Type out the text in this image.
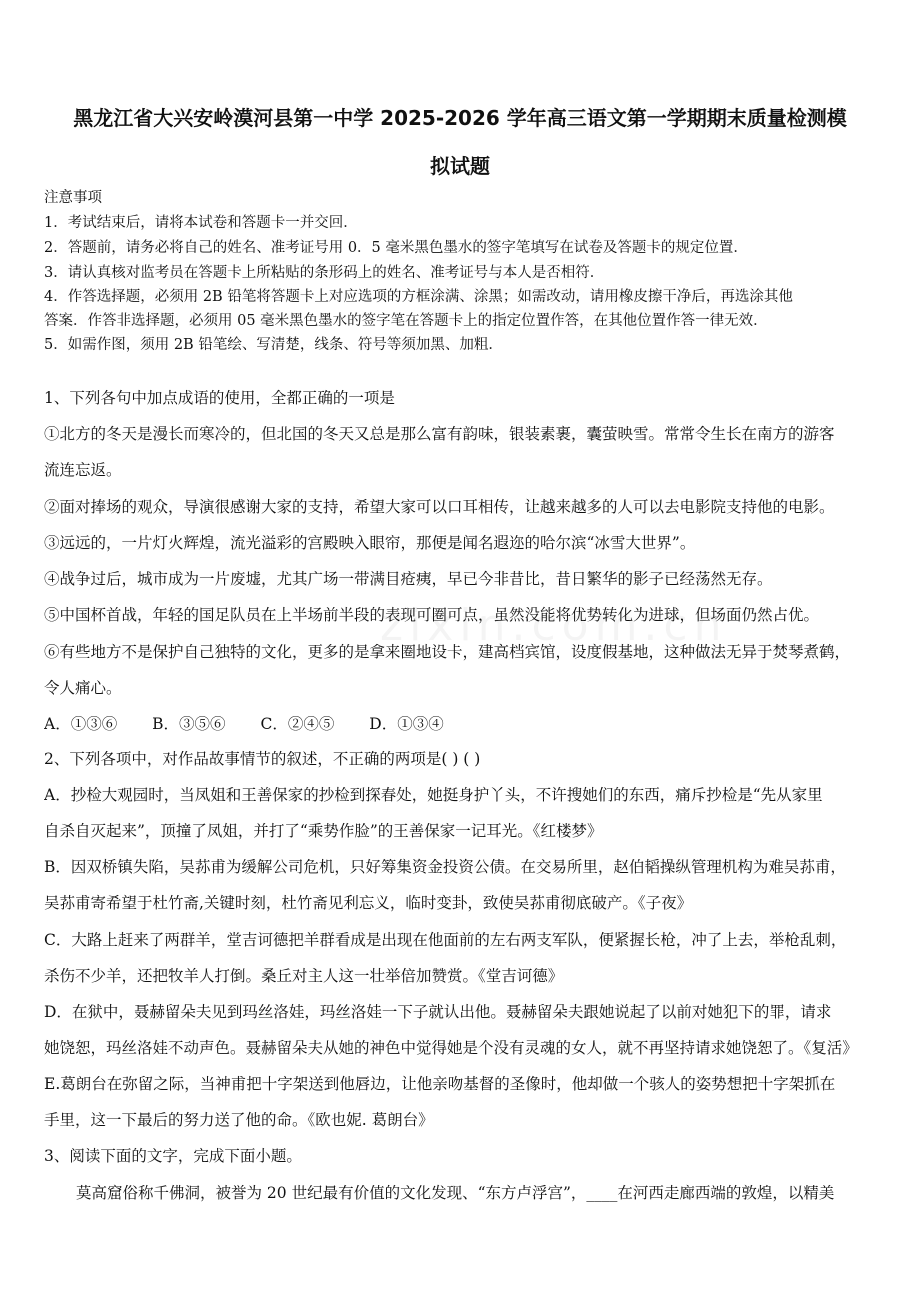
黑龙江省大兴安岭漠河县第一中学 2025-2026 学年高三语文第一学期期末质量检测模
拟试题
注意事项
1．考试结束后，请将本试卷和答题卡一并交回．
2．答题前，请务必将自己的姓名、准考证号用 0．5 毫米黑色墨水的签字笔填写在试卷及答题卡的规定位置．
3．请认真核对监考员在答题卡上所粘贴的条形码上的姓名、准考证号与本人是否相符．
4．作答选择题，必须用 2B 铅笔将答题卡上对应选项的方框涂满、涂黑；如需改动，请用橡皮擦干净后，再选涂其他
答案．作答非选择题，必须用 05 毫米黑色墨水的签字笔在答题卡上的指定位置作答，在其他位置作答一律无效．
5．如需作图，须用 2B 铅笔绘、写清楚，线条、符号等须加黑、加粗．
1、下列各句中加点成语的使用，全都正确的一项是
①北方的冬天是漫长而寒冷的，但北国的冬天又总是那么富有韵味，银装素裹，囊萤映雪。常常令生长在南方的游客
流连忘返。
②面对捧场的观众，导演很感谢大家的支持，希望大家可以口耳相传，让越来越多的人可以去电影院支持他的电影。
③远远的，一片灯火辉煌，流光溢彩的宫殿映入眼帘，那便是闻名遐迩的哈尔滨“冰雪大世界”。
④战争过后，城市成为一片废墟，尤其广场一带满目疮痍，早已今非昔比，昔日繁华的影子已经荡然无存。
⑤中国杯首战，年轻的国足队员在上半场前半段的表现可圈可点，虽然没能将优势转化为进球，但场面仍然占优。
⑥有些地方不是保护自己独特的文化，更多的是拿来圈地设卡，建高档宾馆，设度假基地，这种做法无异于焚琴煮鹤，
令人痛心。
A．①③⑥ B．③⑤⑥ C．②④⑤ D．①③④
2、下列各项中，对作品故事情节的叙述，不正确的两项是( ) ( )
A．抄检大观园时，当凤姐和王善保家的抄检到探春处，她挺身护丫头，不许搜她们的东西，痛斥抄检是“先从家里
自杀自灭起来”，顶撞了凤姐，并打了“乘势作脸”的王善保家一记耳光。《红楼梦》
B．因双桥镇失陷，吴荪甫为缓解公司危机，只好筹集资金投资公债。在交易所里，赵伯韬操纵管理机构为难吴荪甫，
吴荪甫寄希望于杜竹斋,关键时刻，杜竹斋见利忘义，临时变卦，致使吴荪甫彻底破产。《子夜》
C．大路上赶来了两群羊，堂吉诃德把羊群看成是出现在他面前的左右两支军队，便紧握长枪，冲了上去，举枪乱刺，
杀伤不少羊，还把牧羊人打倒。桑丘对主人这一壮举倍加赞赏。《堂吉诃德》
D．在狱中，聂赫留朵夫见到玛丝洛娃，玛丝洛娃一下子就认出他。聂赫留朵夫跟她说起了以前对她犯下的罪，请求
她饶恕，玛丝洛娃不动声色。聂赫留朵夫从她的神色中觉得她是个没有灵魂的女人，就不再坚持请求她饶恕了。《复活》
E.葛朗台在弥留之际，当神甫把十字架送到他唇边，让他亲吻基督的圣像时，他却做一个骇人的姿势想把十字架抓在
手里，这一下最后的努力送了他的命。《欧也妮. 葛朗台》
3、阅读下面的文字，完成下面小题。
莫高窟俗称千佛洞，被誉为 20 世纪最有价值的文化发现、“东方卢浮宫”，____在河西走廊西端的敦煌，以精美
